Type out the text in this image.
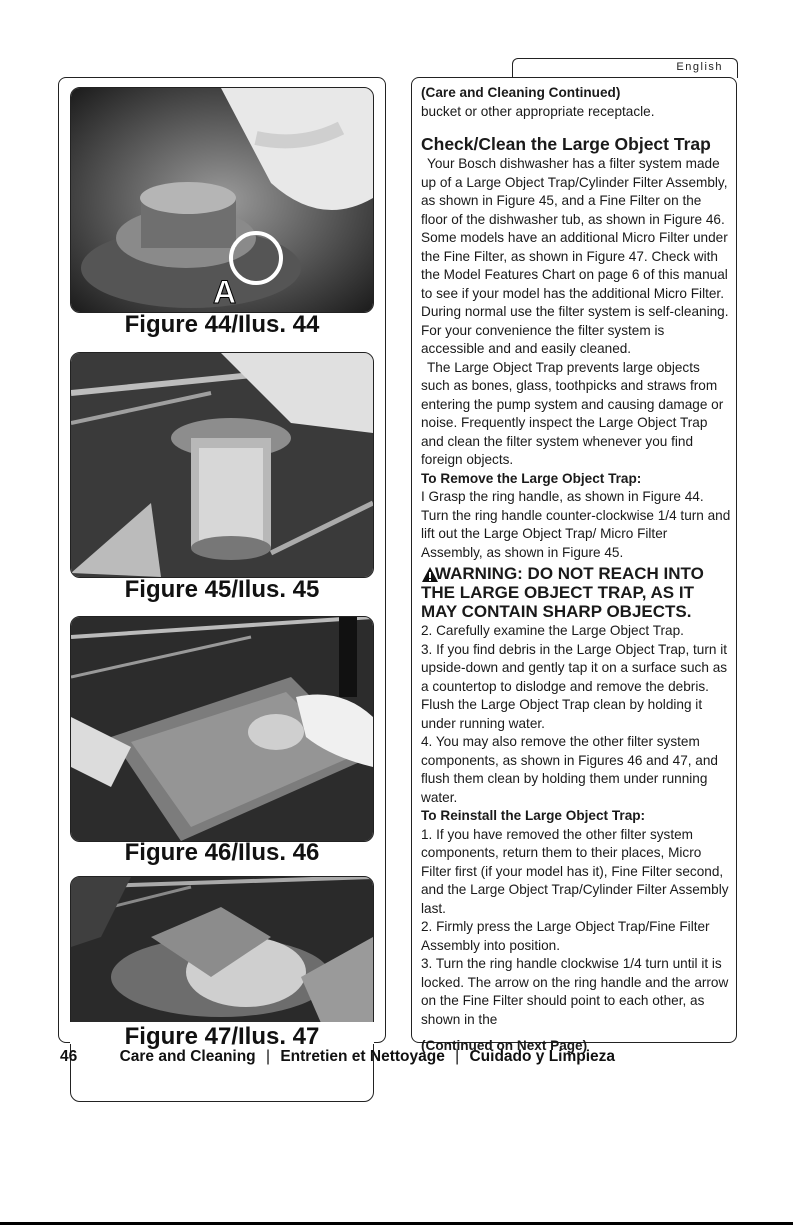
English
A
Figure 44/Ilus. 44
Figure 45/Ilus. 45
Figure 46/Ilus. 46
Figure 47/Ilus. 47

(Care and Cleaning Continued)

bucket or other appropriate receptacle.

Check/Clean the Large Object Trap

Your Bosch dishwasher has a filter system made up of a Large Object Trap/Cylinder Filter Assembly, as shown in Figure 45, and a Fine Filter on the floor of the dishwasher tub, as shown in Figure 46. Some models have an additional Micro Filter under the Fine Filter, as shown in Figure 47. Check with the Model Features Chart on page 6 of this manual to see if your model has the additional Micro Filter. During normal use the filter system is self-cleaning. For your convenience the filter system is accessible and and easily cleaned.

The Large Object Trap prevents large objects such as bones, glass, toothpicks and straws from entering the pump system and causing damage or noise. Frequently inspect the Large Object Trap and clean the filter system whenever you find foreign objects.

To Remove the Large Object Trap:

I Grasp the ring handle, as shown in Figure 44. Turn the ring handle counter-clockwise 1/4 turn and lift out the Large Object Trap/ Micro Filter Assembly, as shown in Figure 45.

WARNING: DO NOT REACH INTO THE LARGE OBJECT TRAP, AS IT MAY CONTAIN SHARP OBJECTS.

2. Carefully examine the Large Object Trap.

3. If you find debris in the Large Object Trap, turn it upside-down and gently tap it on a surface such as a countertop to dislodge and remove the debris. Flush the Large Object Trap clean by holding it under running water.

4. You may also remove the other filter system components, as shown in Figures 46 and 47, and flush them clean by holding them under running water.

To Reinstall the Large Object Trap:

1. If you have removed the other filter system components, return them to their places, Micro Filter first (if your model has it), Fine Filter second, and the Large Object Trap/Cylinder Filter Assembly last.

2. Firmly press the Large Object Trap/Fine Filter Assembly into position.

3. Turn the ring handle clockwise 1/4 turn until it is locked. The arrow on the ring handle and the arrow on the Fine Filter should point to each other, as shown in the

(Continued on Next Page)

46	Care and Cleaning | Entretien et Nettoyage | Cuidado y Limpieza
